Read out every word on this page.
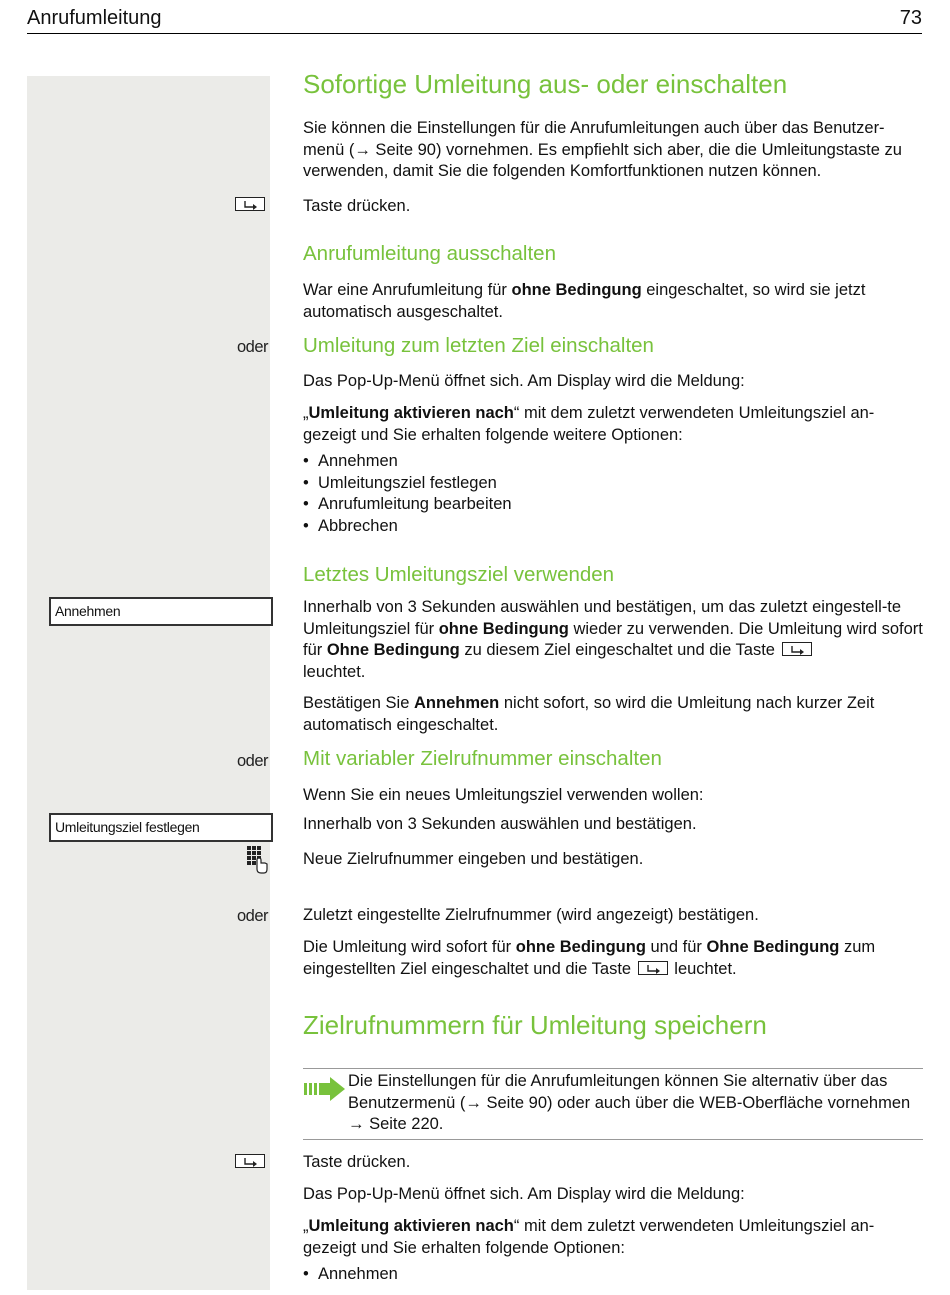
Anrufumleitung	73
oder
Annehmen
oder
Umleitungsziel festlegen
oder
Sofortige Umleitung aus- oder einschalten
Sie können die Einstellungen für die Anrufumleitungen auch über das Benutzer-menü (→ Seite 90) vornehmen. Es empfiehlt sich aber, die die Umleitungstaste zu verwenden, damit Sie die folgenden Komfortfunktionen nutzen können.
Taste drücken.
Anrufumleitung ausschalten
War eine Anrufumleitung für ohne Bedingung eingeschaltet, so wird sie jetzt automatisch ausgeschaltet.
Umleitung zum letzten Ziel einschalten
Das Pop-Up-Menü öffnet sich. Am Display wird die Meldung:
„Umleitung aktivieren nach“ mit dem zuletzt verwendeten Umleitungsziel an-gezeigt und Sie erhalten folgende weitere Optionen:
• Annehmen
• Umleitungsziel festlegen
• Anrufumleitung bearbeiten
• Abbrechen
Letztes Umleitungsziel verwenden
Innerhalb von 3 Sekunden auswählen und bestätigen, um das zuletzt eingestell-te Umleitungsziel für ohne Bedingung wieder zu verwenden. Die Umleitung wird sofort für Ohne Bedingung zu diesem Ziel eingeschaltet und die Taste

leuchtet.
Bestätigen Sie Annehmen nicht sofort, so wird die Umleitung nach kurzer Zeit automatisch eingeschaltet.
Mit variabler Zielrufnummer einschalten
Wenn Sie ein neues Umleitungsziel verwenden wollen:
Innerhalb von 3 Sekunden auswählen und bestätigen.
Neue Zielrufnummer eingeben und bestätigen.
Zuletzt eingestellte Zielrufnummer (wird angezeigt) bestätigen.
Die Umleitung wird sofort für ohne Bedingung und für Ohne Bedingung zum eingestellten Ziel eingeschaltet und die Taste
leuchtet.
Zielrufnummern für Umleitung speichern
Die Einstellungen für die Anrufumleitungen können Sie alternativ über das Benutzermenü (→ Seite 90) oder auch über die WEB-Oberfläche vornehmen → Seite 220.
Taste drücken.
Das Pop-Up-Menü öffnet sich. Am Display wird die Meldung:
„Umleitung aktivieren nach“ mit dem zuletzt verwendeten Umleitungsziel an-gezeigt und Sie erhalten folgende Optionen:
• Annehmen
